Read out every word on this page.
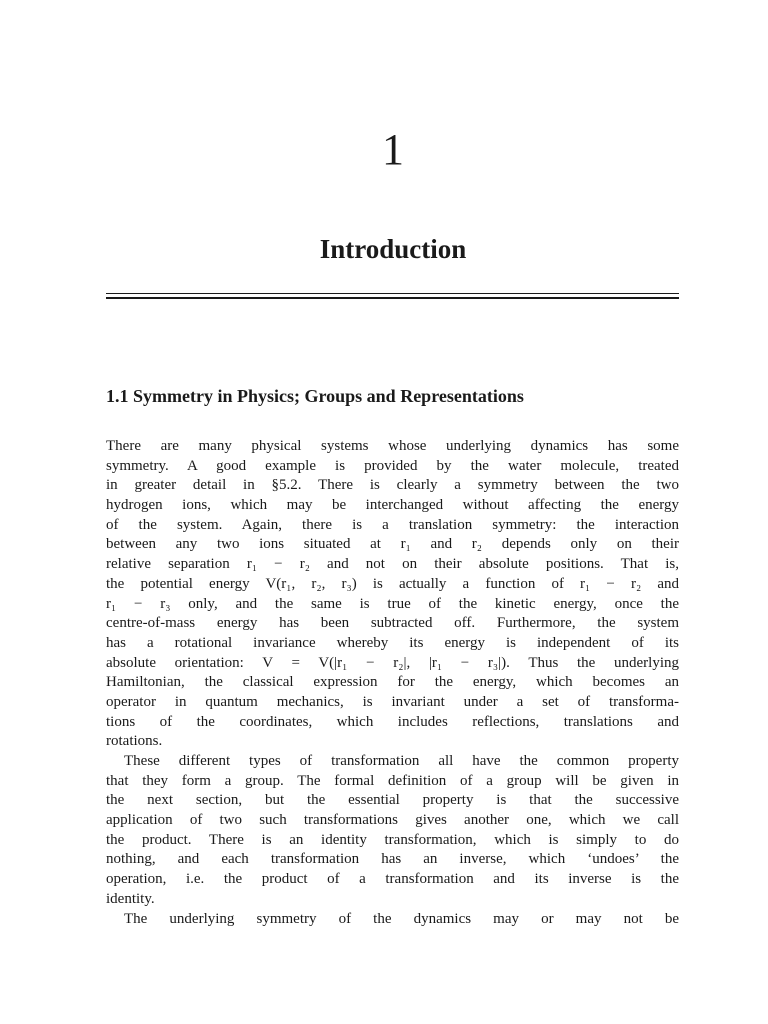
1
Introduction
1.1 Symmetry in Physics; Groups and Representations
There are many physical systems whose underlying dynamics has some
symmetry. A good example is provided by the water molecule, treated
in greater detail in §5.2. There is clearly a symmetry between the two
hydrogen ions, which may be interchanged without affecting the energy
of the system. Again, there is a translation symmetry: the interaction
between any two ions situated at r₁ and r₂ depends only on their
relative separation r₁ − r₂ and not on their absolute positions. That is,
the potential energy V(r₁, r₂, r₃) is actually a function of r₁ − r₂ and
r₁ − r₃ only, and the same is true of the kinetic energy, once the
centre-of-mass energy has been subtracted off. Furthermore, the system
has a rotational invariance whereby its energy is independent of its
absolute orientation: V = V(|r₁ − r₂|, |r₁ − r₃|). Thus the underlying
Hamiltonian, the classical expression for the energy, which becomes an
operator in quantum mechanics, is invariant under a set of transforma-
tions of the coordinates, which includes reflections, translations and
rotations.
These different types of transformation all have the common property
that they form a group. The formal definition of a group will be given in
the next section, but the essential property is that the successive
application of two such transformations gives another one, which we call
the product. There is an identity transformation, which is simply to do
nothing, and each transformation has an inverse, which ‘undoes’ the
operation, i.e. the product of a transformation and its inverse is the
identity.
The underlying symmetry of the dynamics may or may not be
